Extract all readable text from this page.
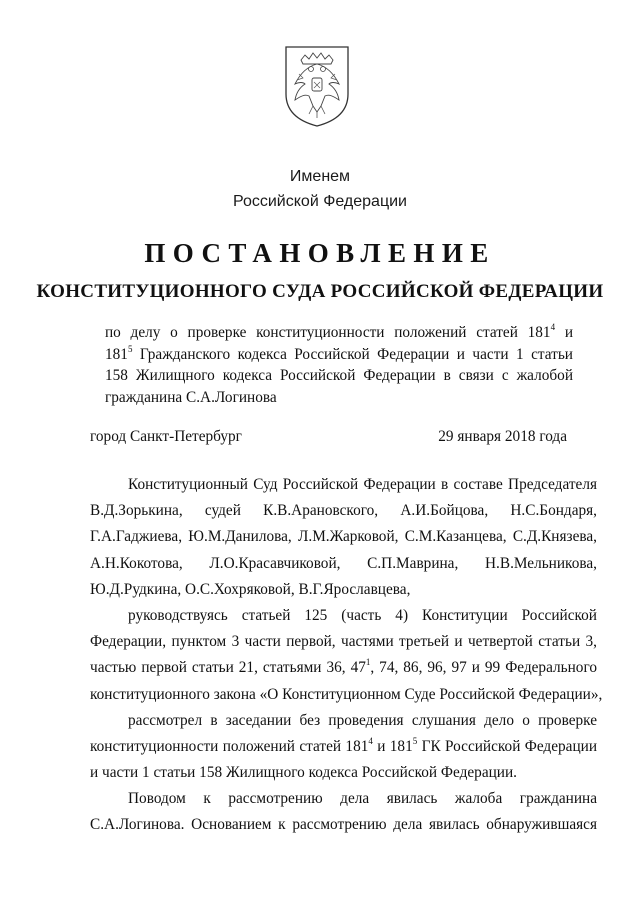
Именем
Российской Федерации
ПОСТАНОВЛЕНИЕ
КОНСТИТУЦИОННОГО СУДА РОССИЙСКОЙ ФЕДЕРАЦИИ
по делу о проверке конституционности положений статей $181^4$ и
$181^5$ Гражданского кодекса Российской Федерации и части 1 статьи
158 Жилищного кодекса Российской Федерации в связи с жалобой
гражданина С.А.Логинова
город Санкт-Петербург	29 января 2018 года
Конституционный Суд Российской Федерации в составе Председателя
В.Д.Зорькина, судей К.В.Арановского, А.И.Бойцова, Н.С.Бондаря,
Г.А.Гаджиева, Ю.М.Данилова, Л.М.Жарковой, С.М.Казанцева, С.Д.Князева,
А.Н.Кокотова, Л.О.Красавчиковой, С.П.Маврина, Н.В.Мельникова,
Ю.Д.Рудкина, О.С.Хохряковой, В.Г.Ярославцева,
руководствуясь статьей 125 (часть 4) Конституции Российской
Федерации, пунктом 3 части первой, частями третьей и четвертой статьи 3,
частью первой статьи 21, статьями 36, $47^1$, 74, 86, 96, 97 и 99 Федерального
конституционного закона «О Конституционном Суде Российской Федерации»,
рассмотрел в заседании без проведения слушания дело о проверке
конституционности положений статей $181^4$ и $181^5$ ГК Российской Федерации
и части 1 статьи 158 Жилищного кодекса Российской Федерации.
Поводом к рассмотрению дела явилась жалоба гражданина
С.А.Логинова. Основанием к рассмотрению дела явилась обнаружившаяся
